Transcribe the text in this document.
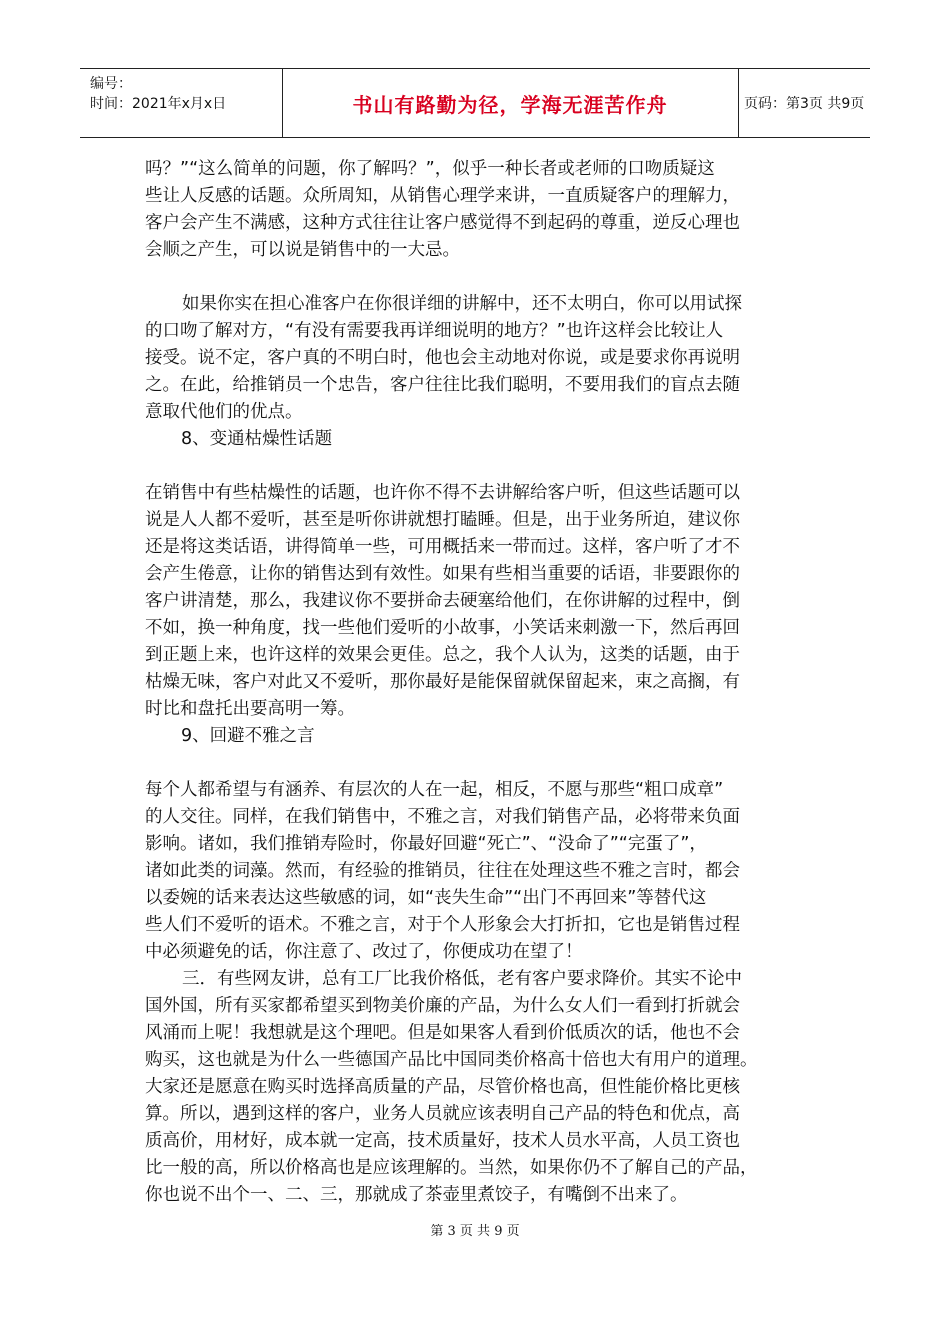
编号：
时间：2021年x月x日	书山有路勤为径，学海无涯苦作舟	页码：第3页 共9页

吗？”“这么简单的问题，你了解吗？”，似乎一种长者或老师的口吻质疑这
些让人反感的话题。众所周知，从销售心理学来讲，一直质疑客户的理解力，
客户会产生不满感，这种方式往往让客户感觉得不到起码的尊重，逆反心理也
会顺之产生，可以说是销售中的一大忌。

如果你实在担心准客户在你很详细的讲解中，还不太明白，你可以用试探
的口吻了解对方，“有没有需要我再详细说明的地方？”也许这样会比较让人
接受。说不定，客户真的不明白时，他也会主动地对你说，或是要求你再说明
之。在此，给推销员一个忠告，客户往往比我们聪明，不要用我们的盲点去随
意取代他们的优点。

8、变通枯燥性话题

在销售中有些枯燥性的话题，也许你不得不去讲解给客户听，但这些话题可以
说是人人都不爱听，甚至是听你讲就想打瞌睡。但是，出于业务所迫，建议你
还是将这类话语，讲得简单一些，可用概括来一带而过。这样，客户听了才不
会产生倦意，让你的销售达到有效性。如果有些相当重要的话语，非要跟你的
客户讲清楚，那么，我建议你不要拼命去硬塞给他们，在你讲解的过程中，倒
不如，换一种角度，找一些他们爱听的小故事，小笑话来刺激一下，然后再回
到正题上来，也许这样的效果会更佳。总之，我个人认为，这类的话题，由于
枯燥无味，客户对此又不爱听，那你最好是能保留就保留起来，束之高搁，有
时比和盘托出要高明一筹。

9、回避不雅之言

每个人都希望与有涵养、有层次的人在一起，相反，不愿与那些“粗口成章”
的人交往。同样，在我们销售中，不雅之言，对我们销售产品，必将带来负面
影响。诸如，我们推销寿险时，你最好回避“死亡”、“没命了”“完蛋了”，
诸如此类的词藻。然而，有经验的推销员，往往在处理这些不雅之言时，都会
以委婉的话来表达这些敏感的词，如“丧失生命”“出门不再回来”等替代这
些人们不爱听的语术。不雅之言，对于个人形象会大打折扣，它也是销售过程
中必须避免的话，你注意了、改过了，你便成功在望了！

三．有些网友讲，总有工厂比我价格低，老有客户要求降价。其实不论中
国外国，所有买家都希望买到物美价廉的产品，为什么女人们一看到打折就会
风涌而上呢！我想就是这个理吧。但是如果客人看到价低质次的话，他也不会
购买，这也就是为什么一些德国产品比中国同类价格高十倍也大有用户的道理。
大家还是愿意在购买时选择高质量的产品，尽管价格也高，但性能价格比更核
算。所以，遇到这样的客户，业务人员就应该表明自己产品的特色和优点，高
质高价，用材好，成本就一定高，技术质量好，技术人员水平高，人员工资也
比一般的高，所以价格高也是应该理解的。当然，如果你仍不了解自己的产品，
你也说不出个一、二、三，那就成了茶壶里煮饺子，有嘴倒不出来了。

第 3 页 共 9 页
